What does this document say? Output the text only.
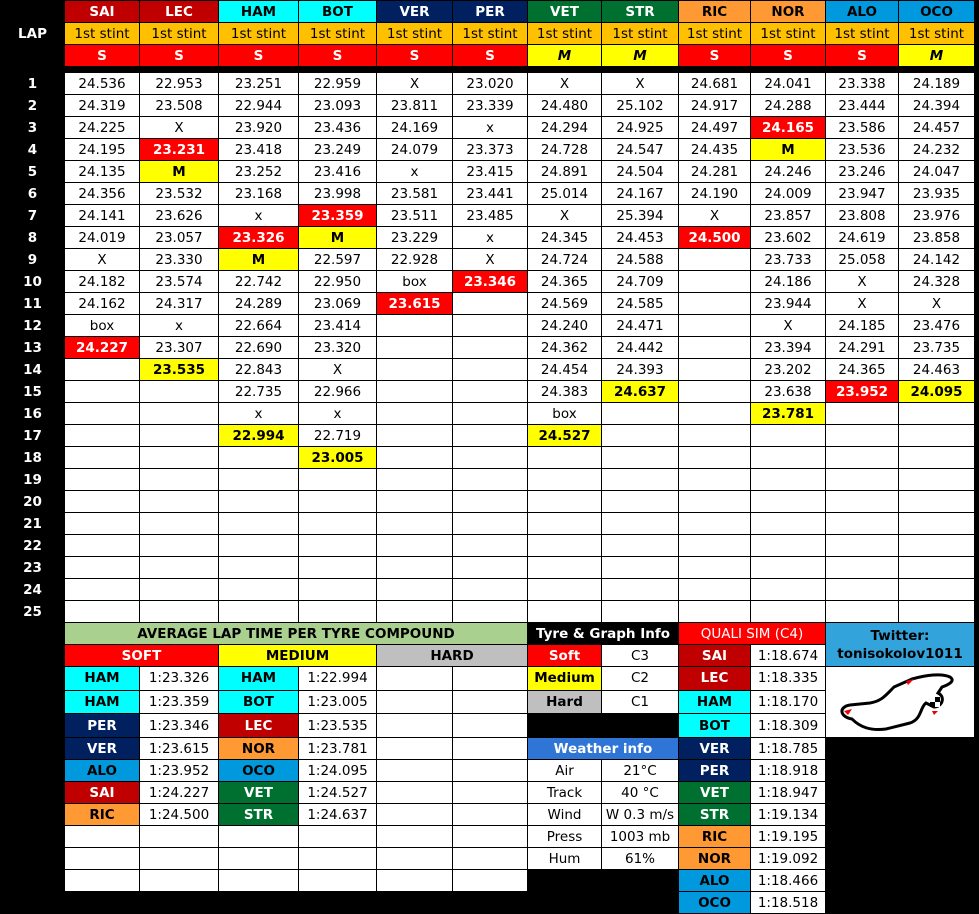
LAP	SAI	LEC	HAM	BOT	VER	PER	VET	STR	RIC	NOR	ALO	OCO
	1st stint	1st stint	1st stint	1st stint	1st stint	1st stint	1st stint	1st stint	1st stint	1st stint	1st stint	1st stint
	S	S	S	S	S	S	M	M	S	S	S	M

1	24.536	22.953	23.251	22.959	X	23.020	X	X	24.681	24.041	23.338	24.189
2	24.319	23.508	22.944	23.093	23.811	23.339	24.480	25.102	24.917	24.288	23.444	24.394
3	24.225	X	23.920	23.436	24.169	x	24.294	24.925	24.497	24.165	23.586	24.457
4	24.195	23.231	23.418	23.249	24.079	23.373	24.728	24.547	24.435	M	23.536	24.232
5	24.135	M	23.252	23.416	x	23.415	24.891	24.504	24.281	24.246	23.246	24.047
6	24.356	23.532	23.168	23.998	23.581	23.441	25.014	24.167	24.190	24.009	23.947	23.935
7	24.141	23.626	x	23.359	23.511	23.485	X	25.394	X	23.857	23.808	23.976
8	24.019	23.057	23.326	M	23.229	x	24.345	24.453	24.500	23.602	24.619	23.858
9	X	23.330	M	22.597	22.928	X	24.724	24.588		23.733	25.058	24.142
10	24.182	23.574	22.742	22.950	box	23.346	24.365	24.709		24.186	X	24.328
11	24.162	24.317	24.289	23.069	23.615		24.569	24.585		23.944	X	X
12	box	x	22.664	23.414			24.240	24.471		X	24.185	23.476
13	24.227	23.307	22.690	23.320			24.362	24.442		23.394	24.291	23.735
14		23.535	22.843	X			24.454	24.393		23.202	24.365	24.463
15			22.735	22.966			24.383	24.637		23.638	23.952	24.095
16			x	x			box			23.781		
17			22.994	22.719			24.527					
18				23.005								
19												
20												
21												
22												
23												
24												
25												
	AVERAGE LAP TIME PER TYRE COMPOUND						Tyre & Graph Info		QUALI SIM (C4)		Twitter:
tonisokolov1011	

	SOFT		MEDIUM		HARD		Soft	C3	SAI	1:18.674		
	HAM	1:23.326	HAM	1:22.994			Medium	C2	LEC	1:18.335	
	HAM	1:23.359	BOT	1:23.005			Hard	C1	HAM	1:18.170		
	PER	1:23.346	LEC	1:23.535					BOT	1:18.309		
	VER	1:23.615	NOR	1:23.781			Weather info		VER	1:18.785		
	ALO	1:23.952	OCO	1:24.095			Air	21°C	PER	1:18.918		
	SAI	1:24.227	VET	1:24.527			Track	40 °C	VET	1:18.947		
	RIC	1:24.500	STR	1:24.637			Wind	W 0.3 m/s	STR	1:19.134		
							Press	1003 mb	RIC	1:19.195		
							Hum	61%	NOR	1:19.092		
									ALO	1:18.466		
									OCO	1:18.518		
